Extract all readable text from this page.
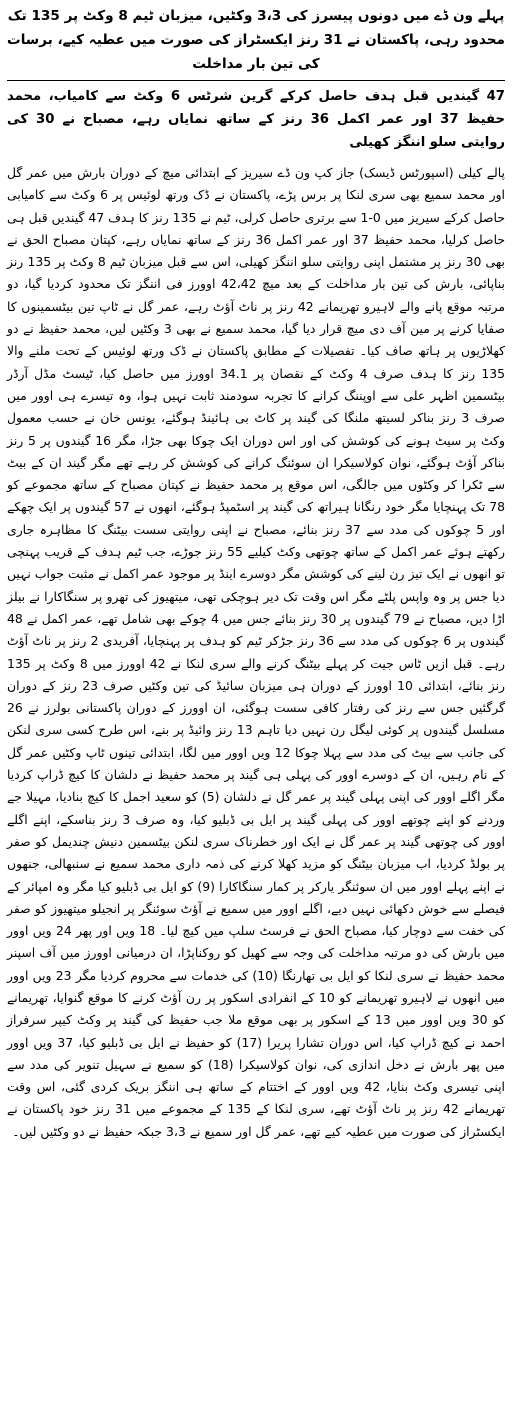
پہلے ون ڈے میں دونوں پیسرز کی 3،3 وکٹیں، میزبان ٹیم 8 وکٹ پر 135 تک محدود رہی، پاکستان نے 31 رنز ایکسٹراز کی صورت میں عطیہ کیے، برسات کی تین بار مداخلت
47 گیندیں قبل ہدف حاصل کرکے گرین شرٹس 6 وکٹ سے کامیاب، محمد حفیظ 37 اور عمر اکمل 36 رنز کے ساتھ نمایاں رہے، مصباح نے 30 کی روایتی سلو اننگز کھیلی
پالے کیلی (اسپورٹس ڈیسک) جاز کپ ون ڈے سیریز کے ابتدائی میچ کے دوران بارش میں عمر گل اور محمد سمیع بھی سری لنکا پر برس پڑے، پاکستان نے ڈک ورتھ لوئیس پر 6 وکٹ سے کامیابی حاصل کرکے سیریز میں 0-1 سے برتری حاصل کرلی، ٹیم نے 135 رنز کا ہدف 47 گیندیں قبل ہی حاصل کرلیا، محمد حفیظ 37 اور عمر اکمل 36 رنز کے ساتھ نمایاں رہے، کپتان مصباح الحق نے بھی 30 رنز پر مشتمل اپنی روایتی سلو اننگز کھیلی، اس سے قبل میزبان ٹیم 8 وکٹ پر 135 رنز بناپائی، بارش کی تین بار مداخلت کے بعد میچ 42،42 اوورز فی اننگز تک محدود کردیا گیا، دو مرتبہ موقع پانے والے لاہیرو تھریمانے 42 رنز پر ناٹ آؤٹ رہے، عمر گل نے ٹاپ تین بیٹسمینوں کا صفایا کرنے پر مین آف دی میچ قرار دیا گیا، محمد سمیع نے بھی 3 وکٹیں لیں، محمد حفیظ نے دو کھلاڑیوں پر ہاتھ صاف کیا۔ تفصیلات کے مطابق پاکستان نے ڈک ورتھ لوئیس کے تحت ملنے والا 135 رنز کا ہدف صرف 4 وکٹ کے نقصان پر 34.1 اوورز میں حاصل کیا، ٹیسٹ مڈل آرڈر بیٹسمین اظہر علی سے اوپننگ کرانے کا تجربہ سودمند ثابت نہیں ہوا، وہ تیسرے ہی اوور میں صرف 3 رنز بناکر لسیتھ ملنگا کی گیند پر کاٹ بی ہائینڈ ہوگئے، یونس خان نے حسب معمول وکٹ پر سیٹ ہونے کی کوشش کی اور اس دوران ایک چوکا بھی جڑا، مگر 16 گیندوں پر 5 رنز بناکر آؤٹ ہوگئے، نوان کولاسیکرا ان سوئنگ کرانے کی کوشش کر رہے تھے مگر گیند ان کے بیٹ سے ٹکرا کر وکٹوں میں جالگی، اس موقع پر محمد حفیظ نے کپتان مصباح کے ساتھ مجموعے کو 78 تک پہنچایا مگر خود رنگانا ہیراتھ کی گیند پر اسٹمپڈ ہوگئے، انھوں نے 57 گیندوں پر ایک چھکے اور 5 چوکوں کی مدد سے 37 رنز بنائے، مصباح نے اپنی روایتی سست بیٹنگ کا مظاہرہ جاری رکھتے ہوئے عمر اکمل کے ساتھ چوتھی وکٹ کیلیے 55 رنز جوڑے، جب ٹیم ہدف کے قریب پہنچی تو انھوں نے ایک تیز رن لینے کی کوشش مگر دوسرے اینڈ پر موجود عمر اکمل نے مثبت جواب نہیں دیا جس پر وہ واپس پلٹے مگر اس وقت تک دیر ہوچکی تھی، میتھیوز کی تھرو پر سنگاکارا نے بیلز اڑا دیں، مصباح نے 79 گیندوں پر 30 رنز بنائے جس میں 4 چوکے بھی شامل تھے، عمر اکمل نے 48 گیندوں پر 6 چوکوں کی مدد سے 36 رنز جڑکر ٹیم کو ہدف پر پہنچایا، آفریدی 2 رنز پر ناٹ آؤٹ رہے۔ قبل ازیں ٹاس جیت کر پہلے بیٹنگ کرنے والے سری لنکا نے 42 اوورز میں 8 وکٹ پر 135 رنز بنائے، ابتدائی 10 اوورز کے دوران ہی میزبان سائیڈ کی تین وکٹیں صرف 23 رنز کے دوران گرگئیں جس سے رنز کی رفتار کافی سست ہوگئی، ان اوورز کے دوران پاکستانی بولرز نے 26 مسلسل گیندوں پر کوئی لیگل رن نہیں دیا تاہم 13 رنز وائیڈ پر بنے، اس طرح کسی سری لنکن کی جانب سے بیٹ کی مدد سے پہلا چوکا 12 ویں اوور میں لگا، ابتدائی تینوں ٹاپ وکٹیں عمر گل کے نام رہیں، ان کے دوسرے اوور کی پہلی ہی گیند پر محمد حفیظ نے دلشان کا کیچ ڈراپ کردیا مگر اگلے اوور کی اپنی پہلی گیند پر عمر گل نے دلشان (5) کو سعید اجمل کا کیچ بنادیا، مہیلا جے وردنے کو اپنے چوتھے اوور کی پہلی گیند پر ایل بی ڈبلیو کیا، وہ صرف 3 رنز بناسکے، اپنے اگلے اوور کی چوتھی گیند پر عمر گل نے ایک اور خطرناک سری لنکن بیٹسمین دنیش چندیمل کو صفر پر بولڈ کردیا، اب میزبان بیٹنگ کو مزید کھلا کرنے کی ذمہ داری محمد سمیع نے سنبھالی، جنھوں نے اپنے پہلے اوور میں ان سوئنگر یارکر پر کمار سنگاکارا (9) کو ایل بی ڈبلیو کیا مگر وہ امپائر کے فیصلے سے خوش دکھائی نہیں دیے، اگلے اوور میں سمیع نے آؤٹ سوئنگر پر انجیلو میتھیوز کو صفر کی خفت سے دوچار کیا، مصباح الحق نے فرسٹ سلپ میں کیچ لیا۔ 18 ویں اور پھر 24 ویں اوور میں بارش کی دو مرتبہ مداخلت کی وجہ سے کھیل کو روکناپڑا، ان درمیانی اوورز میں آف اسپنر محمد حفیظ نے سری لنکا کو ایل بی تھارنگا (10) کی خدمات سے محروم کردیا مگر 23 ویں اوور میں انھوں نے لاہیرو تھریمانے کو 10 کے انفرادی اسکور پر رن آؤٹ کرنے کا موقع گنوایا، تھریمانے کو 30 ویں اوور میں 13 کے اسکور پر بھی موقع ملا جب حفیظ کی گیند پر وکٹ کیپر سرفراز احمد نے کیچ ڈراپ کیا، اس دوران تشارا پریرا (17) کو حفیظ نے ایل بی ڈبلیو کیا، 37 ویں اوور میں پھر بارش نے دخل اندازی کی، نوان کولاسیکرا (18) کو سمیع نے سہیل تنویر کی مدد سے اپنی تیسری وکٹ بنایا، 42 ویں اوور کے اختتام کے ساتھ ہی اننگز بریک کردی گئی، اس وقت تھریمانے 42 رنز پر ناٹ آؤٹ تھے، سری لنکا کے 135 کے مجموعے میں 31 رنز خود پاکستان نے ایکسٹراز کی صورت میں عطیہ کیے تھے، عمر گل اور سمیع نے 3،3 جبکہ حفیظ نے دو وکٹیں لیں۔
